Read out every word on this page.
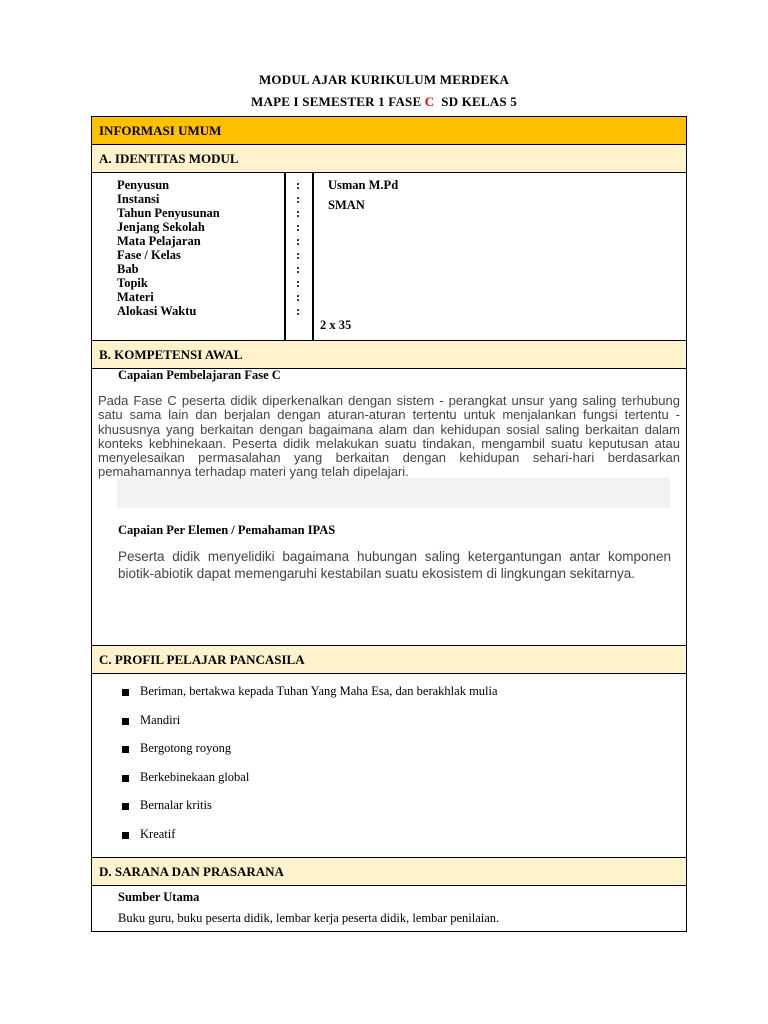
MODUL AJAR KURIKULUM MERDEKA
MAPE I SEMESTER 1 FASE C  SD KELAS 5
INFORMASI UMUM
A. IDENTITAS MODUL
Penyusun
Instansi
Tahun Penyusunan
Jenjang Sekolah
Mata Pelajaran
Fase / Kelas
Bab
Topik
Materi
Alokasi Waktu
:
:
:
:
:
:
:
:
:
:
Usman M.Pd
SMAN
2 x 35
B. KOMPETENSI AWAL
Capaian Pembelajaran Fase C
Pada Fase C peserta didik diperkenalkan dengan sistem - perangkat unsur yang saling terhubung satu sama lain dan berjalan dengan aturan-aturan tertentu untuk menjalankan fungsi tertentu - khususnya yang berkaitan dengan bagaimana alam dan kehidupan sosial saling berkaitan dalam konteks kebhinekaan. Peserta didik melakukan suatu tindakan, mengambil suatu keputusan atau menyelesaikan permasalahan yang berkaitan dengan kehidupan sehari-hari berdasarkan pemahamannya terhadap materi yang telah dipelajari.
Capaian Per Elemen / Pemahaman IPAS
Peserta didik menyelidiki bagaimana hubungan saling ketergantungan antar komponen biotik-abiotik dapat memengaruhi kestabilan suatu ekosistem di lingkungan sekitarnya.
C. PROFIL PELAJAR PANCASILA
Beriman, bertakwa kepada Tuhan Yang Maha Esa, dan berakhlak mulia
Mandiri
Bergotong royong
Berkebinekaan global
Bernalar kritis
Kreatif
D. SARANA DAN PRASARANA
Sumber Utama
Buku guru, buku peserta didik, lembar kerja peserta didik, lembar penilaian.
